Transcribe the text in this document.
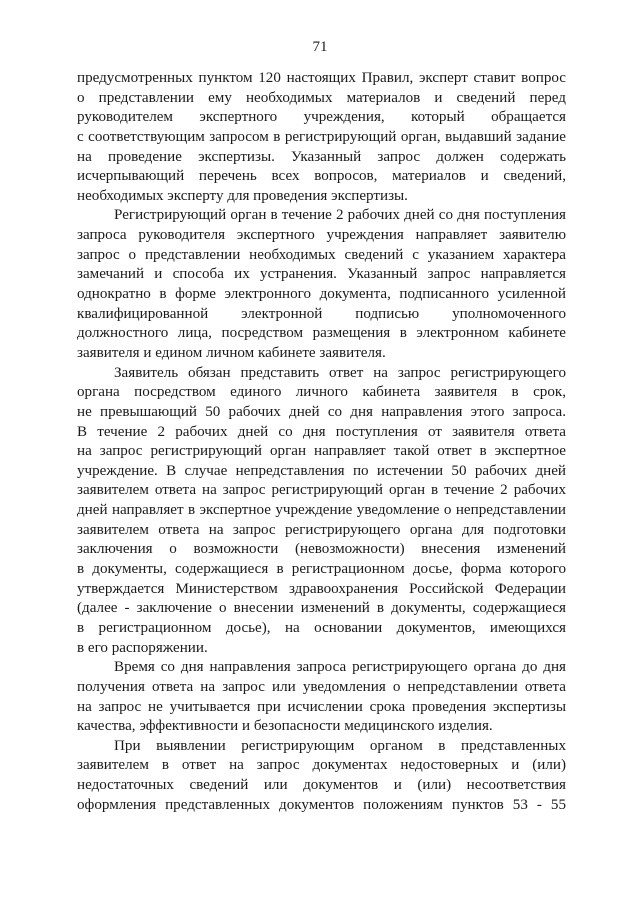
71
предусмотренных пунктом 120 настоящих Правил, эксперт ставит вопрос
о представлении ему необходимых материалов и сведений перед
руководителем экспертного учреждения, который обращается
с соответствующим запросом в регистрирующий орган, выдавший задание
на проведение экспертизы. Указанный запрос должен содержать
исчерпывающий перечень всех вопросов, материалов и сведений,
необходимых эксперту для проведения экспертизы.
Регистрирующий орган в течение 2 рабочих дней со дня поступления
запроса руководителя экспертного учреждения направляет заявителю
запрос о представлении необходимых сведений с указанием характера
замечаний и способа их устранения. Указанный запрос направляется
однократно в форме электронного документа, подписанного усиленной
квалифицированной электронной подписью уполномоченного
должностного лица, посредством размещения в электронном кабинете
заявителя и едином личном кабинете заявителя.
Заявитель обязан представить ответ на запрос регистрирующего
органа посредством единого личного кабинета заявителя в срок,
не превышающий 50 рабочих дней со дня направления этого запроса.
В течение 2 рабочих дней со дня поступления от заявителя ответа
на запрос регистрирующий орган направляет такой ответ в экспертное
учреждение. В случае непредставления по истечении 50 рабочих дней
заявителем ответа на запрос регистрирующий орган в течение 2 рабочих
дней направляет в экспертное учреждение уведомление о непредставлении
заявителем ответа на запрос регистрирующего органа для подготовки
заключения о возможности (невозможности) внесения изменений
в документы, содержащиеся в регистрационном досье, форма которого
утверждается Министерством здравоохранения Российской Федерации
(далее - заключение о внесении изменений в документы, содержащиеся
в регистрационном досье), на основании документов, имеющихся
в его распоряжении.
Время со дня направления запроса регистрирующего органа до дня
получения ответа на запрос или уведомления о непредставлении ответа
на запрос не учитывается при исчислении срока проведения экспертизы
качества, эффективности и безопасности медицинского изделия.
При выявлении регистрирующим органом в представленных
заявителем в ответ на запрос документах недостоверных и (или)
недостаточных сведений или документов и (или) несоответствия
оформления представленных документов положениям пунктов 53 - 55
